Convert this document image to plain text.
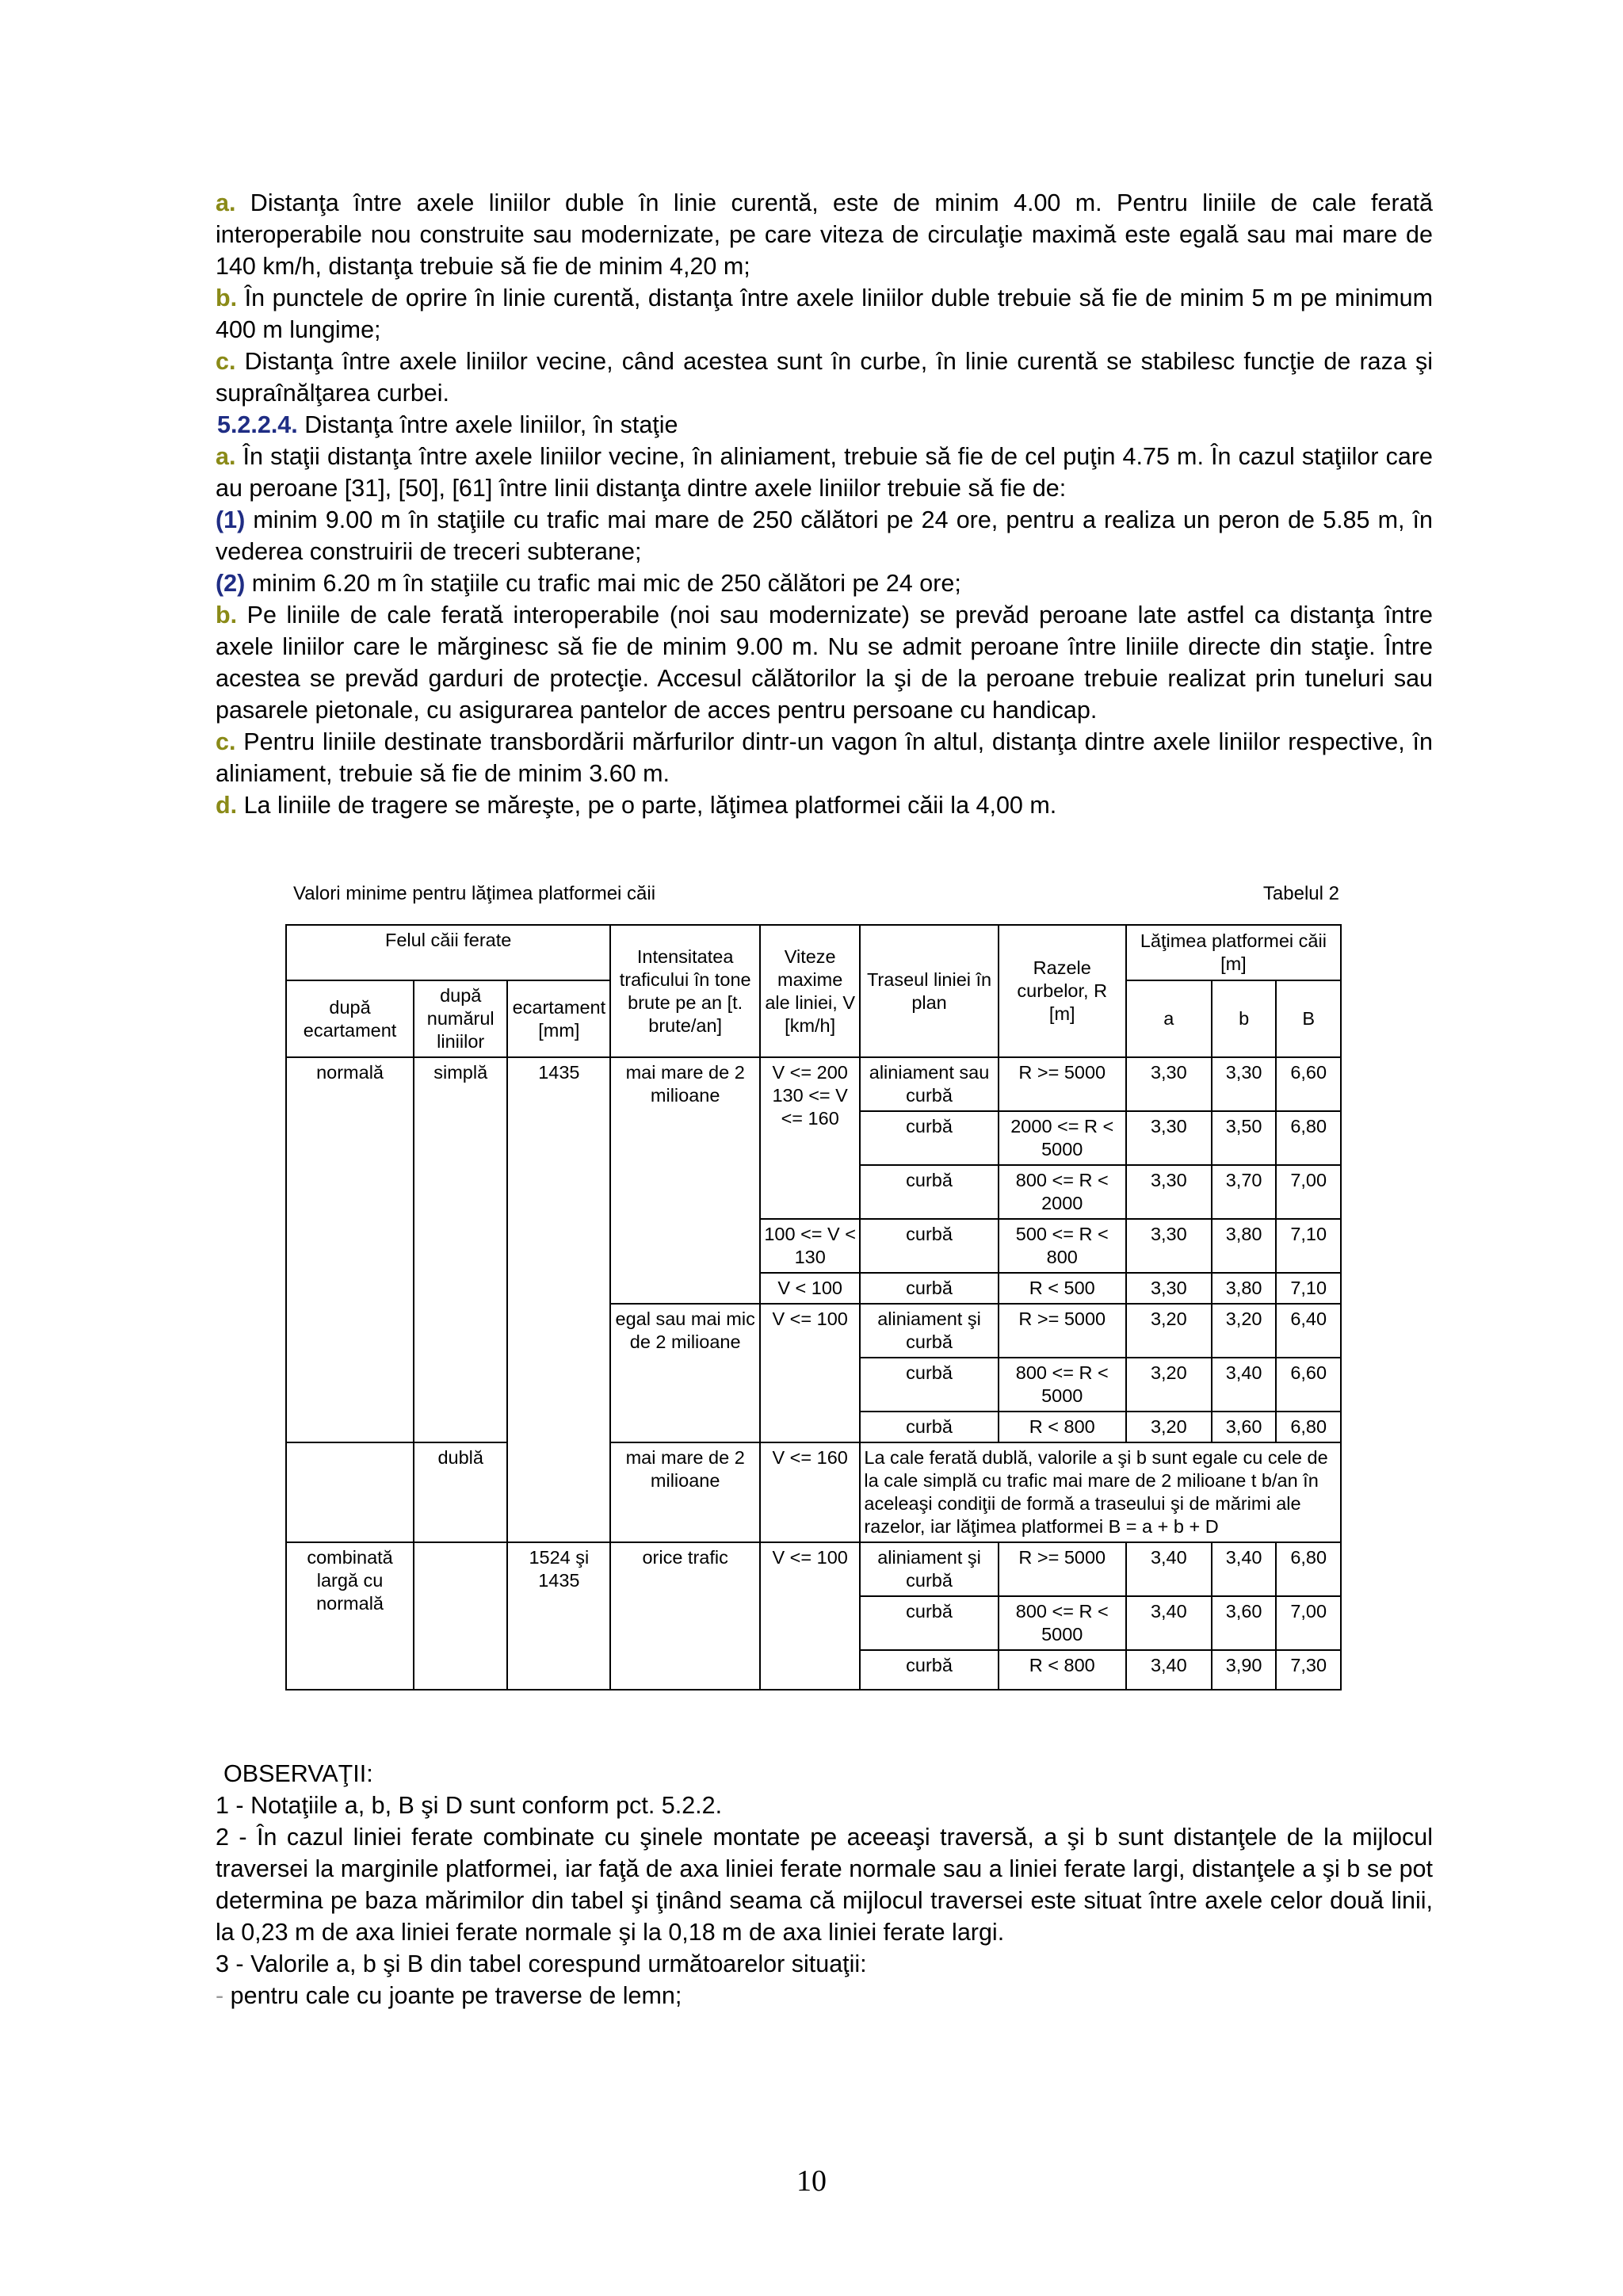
a. Distanţa între axele liniilor duble în linie curentă, este de minim 4.00 m. Pentru liniile de cale ferată interoperabile nou construite sau modernizate, pe care viteza de circulaţie maximă este egală sau mai mare de 140 km/h, distanţa trebuie să fie de minim 4,20 m;

b. În punctele de oprire în linie curentă, distanţa între axele liniilor duble trebuie să fie de minim 5 m pe minimum 400 m lungime;

c. Distanţa între axele liniilor vecine, când acestea sunt în curbe, în linie curentă se stabilesc funcţie de raza şi supraînălţarea curbei.

5.2.2.4. Distanţa între axele liniilor, în staţie

a. În staţii distanţa între axele liniilor vecine, în aliniament, trebuie să fie de cel puţin 4.75 m. În cazul staţiilor care au peroane [31], [50], [61] între linii distanţa dintre axele liniilor trebuie să fie de:

(1) minim 9.00 m în staţiile cu trafic mai mare de 250 călători pe 24 ore, pentru a realiza un peron de 5.85 m, în vederea construirii de treceri subterane;

(2) minim 6.20 m în staţiile cu trafic mai mic de 250 călători pe 24 ore;

b. Pe liniile de cale ferată interoperabile (noi sau modernizate) se prevăd peroane late astfel ca distanţa între axele liniilor care le mărginesc să fie de minim 9.00 m. Nu se admit peroane între liniile directe din staţie. Între acestea se prevăd garduri de protecţie. Accesul călătorilor la şi de la peroane trebuie realizat prin tuneluri sau pasarele pietonale, cu asigurarea pantelor de acces pentru persoane cu handicap.

c. Pentru liniile destinate transbordării mărfurilor dintr-un vagon în altul, distanţa dintre axele liniilor respective, în aliniament, trebuie să fie de minim 3.60 m.

d. La liniile de tragere se măreşte, pe o parte, lăţimea platformei căii la 4,00 m.

Valori minime pentru lăţimea platformei căii	Tabelul 2
Felul căii ferate			Intensitatea traficului în tone brute pe an [t. brute/an]	Viteze maxime ale liniei, V [km/h]	Traseul liniei în plan	Razele curbelor, R [m]	Lăţimea platformei căii [m]		
după ecartament	după numărul liniilor	ecartament [mm]							
							a	b	B
normală	simplă	1435	mai mare de 2 milioane	V <= 200 130 <= V <= 160	aliniament sau curbă	R >= 5000	3,30	3,30	6,60
					curbă	2000 <= R < 5000	3,30	3,50	6,80
					curbă	800 <= R < 2000	3,30	3,70	7,00
				100 <= V < 130	curbă	500 <= R < 800	3,30	3,80	7,10
				V < 100	curbă	R < 500	3,30	3,80	7,10
			egal sau mai mic de 2 milioane	V <= 100	aliniament şi curbă	R >= 5000	3,20	3,20	6,40
					curbă	800 <= R < 5000	3,20	3,40	6,60
					curbă	R < 800	3,20	3,60	6,80
	dublă		mai mare de 2 milioane	V <= 160	La cale ferată dublă, valorile a şi b sunt egale cu cele de la cale simplă cu trafic mai mare de 2 milioane t b/an în aceleaşi condiţii de formă a traseului şi de mărimi ale razelor, iar lăţimea platformei B = a + b + D				
combinată largă cu normală		1524 şi 1435	orice trafic	V <= 100	aliniament şi curbă	R >= 5000	3,40	3,40	6,80
					curbă	800 <= R < 5000	3,40	3,60	7,00
					curbă	R < 800	3,40	3,90	7,30

OBSERVAŢII:

1 - Notaţiile a, b, B şi D sunt conform pct. 5.2.2.

2 - În cazul liniei ferate combinate cu şinele montate pe aceeaşi traversă, a şi b sunt distanţele de la mijlocul traversei la marginile platformei, iar faţă de axa liniei ferate normale sau a liniei ferate largi, distanţele a şi b se pot determina pe baza mărimilor din tabel şi ţinând seama că mijlocul traversei este situat între axele celor două linii, la 0,23 m de axa liniei ferate normale şi la 0,18 m de axa liniei ferate largi.

3 - Valorile a, b şi B din tabel corespund următoarelor situaţii:

- pentru cale cu joante pe traverse de lemn;

10
